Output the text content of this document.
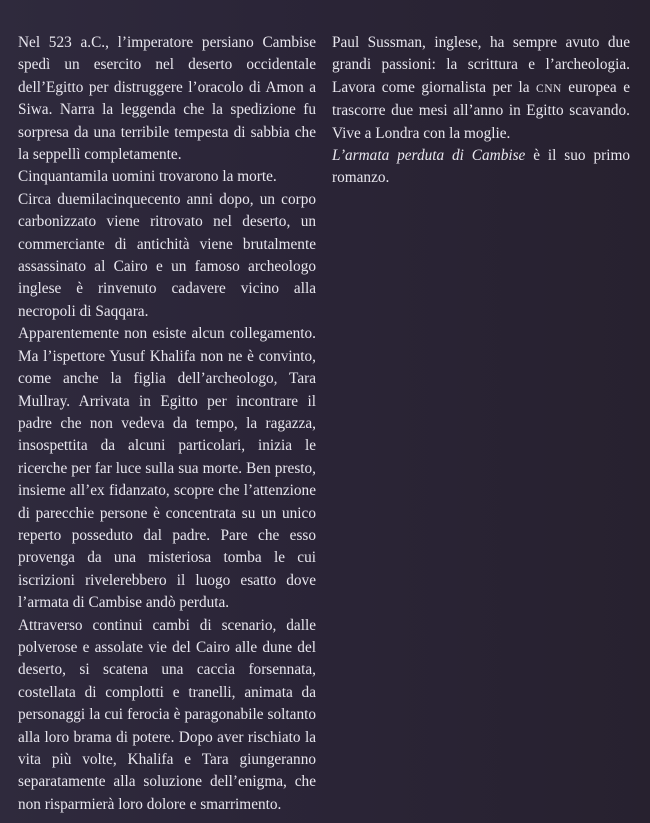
Nel 523 a.C., l’imperatore persiano Cambise spedì un esercito nel deserto occidentale dell’Egitto per distruggere l’oracolo di Amon a Siwa. Narra la leggenda che la spedizione fu sorpresa da una terribile tempesta di sabbia che la seppellì completamente.

Cinquantamila uomini trovarono la morte.

Circa duemilacinquecento anni dopo, un corpo carbonizzato viene ritrovato nel deserto, un commerciante di antichità viene brutalmente assassinato al Cairo e un famoso archeologo inglese è rinvenuto cadavere vicino alla necropoli di Saqqara.

Apparentemente non esiste alcun collegamento. Ma l’ispettore Yusuf Khalifa non ne è convinto, come anche la figlia dell’archeologo, Tara Mullray. Arrivata in Egitto per incontrare il padre che non vedeva da tempo, la ragazza, insospettita da alcuni particolari, inizia le ricerche per far luce sulla sua morte. Ben presto, insieme all’ex fidanzato, scopre che l’attenzione di parecchie persone è concentrata su un unico reperto posseduto dal padre. Pare che esso provenga da una misteriosa tomba le cui iscrizioni rivelerebbero il luogo esatto dove l’armata di Cambise andò perduta.

Attraverso continui cambi di scenario, dalle polverose e assolate vie del Cairo alle dune del deserto, si scatena una caccia forsennata, costellata di complotti e tranelli, animata da personaggi la cui ferocia è paragonabile soltanto alla loro brama di potere. Dopo aver rischiato la vita più volte, Khalifa e Tara giungeranno separatamente alla soluzione dell’enigma, che non risparmierà loro dolore e smarrimento.

Paul Sussman, inglese, ha sempre avuto due grandi passioni: la scrittura e l’archeologia. Lavora come giornalista per la CNN europea e trascorre due mesi all’anno in Egitto scavando. Vive a Londra con la moglie.

L’armata perduta di Cambise è il suo primo romanzo.
